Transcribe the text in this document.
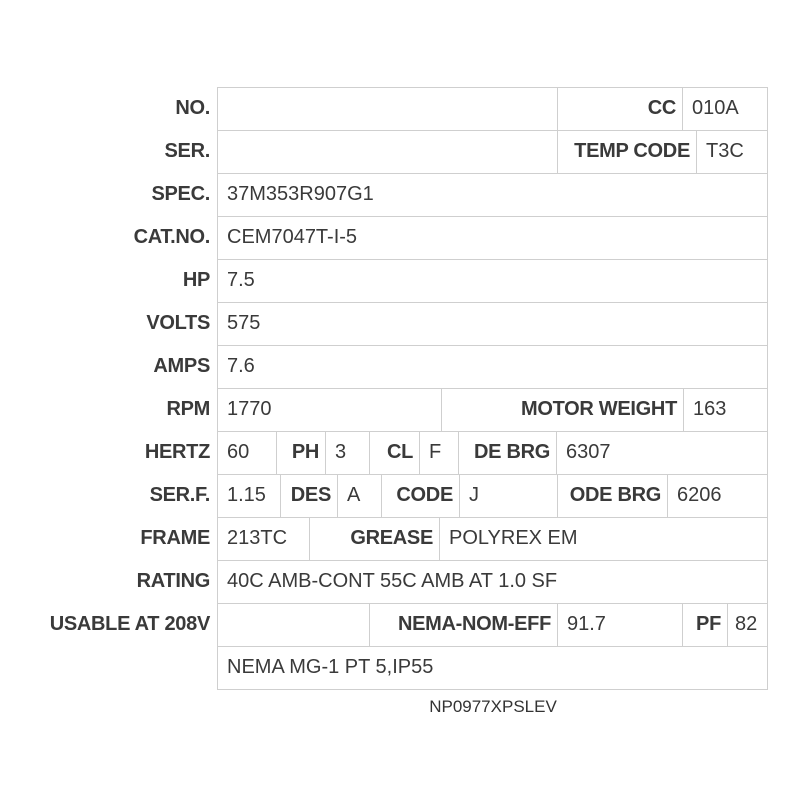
NO.	CC 010A
SER.	TEMP CODE T3C
SPEC. 37M353R907G1
CAT.NO. CEM7047T-I-5
HP 7.5
VOLTS 575
AMPS 7.6
RPM 1770	MOTOR WEIGHT 163
HERTZ 60	PH 3	CL F	DE BRG 6307
SER.F. 1.15	DES A	CODE J	ODE BRG 6206
FRAME 213TC	GREASE POLYREX EM
RATING 40C AMB-CONT 55C AMB AT 1.0 SF
USABLE AT 208V	NEMA-NOM-EFF 91.7	PF 82
NEMA MG-1 PT 5,IP55
NP0977XPSLEV
